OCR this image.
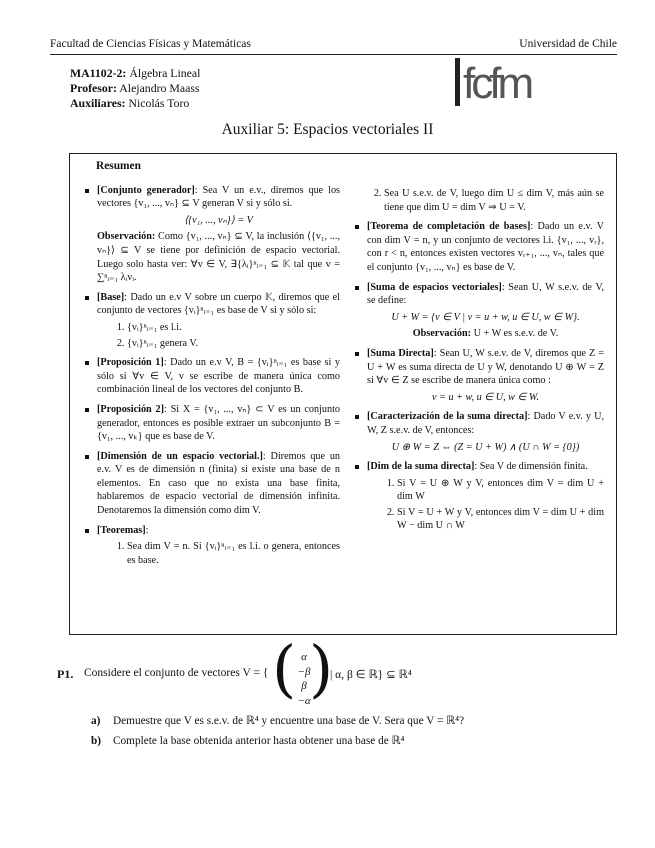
Facultad de Ciencias Físicas y Matemáticas	Universidad de Chile
MA1102-2: Álgebra Lineal
Profesor: Alejandro Maass
Auxiliares: Nicolás Toro	fcfm
Auxiliar 5: Espacios vectoriales II
Resumen
[Conjunto generador]: Sea V un e.v., diremos que los vectores {v₁, ..., vₙ} ⊆ V generan V si y sólo si.
⟨{v₁, ..., vₙ}⟩ = V
Observación: Como {v₁, ..., vₙ} ⊆ V, la inclusión ⟨{v₁, ..., vₙ}⟩ ⊆ V se tiene por definición de espacio vectorial. Luego solo hasta ver: ∀v ∈ V, ∃{λᵢ}ⁿᵢ₌₁ ⊆ 𝕂 tal que v = ∑ⁿᵢ₌₁ λᵢvᵢ.
[Base]: Dado un e.v V sobre un cuerpo 𝕂, diremos que el conjunto de vectores {vᵢ}ⁿᵢ₌₁ es base de V si y sólo si:
1. {vᵢ}ⁿᵢ₌₁ es l.i.
2. {vᵢ}ⁿᵢ₌₁ genera V.
[Proposición 1]: Dado un e.v V, B = {vᵢ}ⁿᵢ₌₁ es base si y sólo si ∀v ∈ V, v se escribe de manera única como combinación lineal de los vectores del conjunto B.
[Proposición 2]: Si X = {v₁, ..., vₙ} ⊂ V es un conjunto generador, entonces es posible extraer un subconjunto B = {v₁, ..., vₖ} que es base de V.
[Dimensión de un espacio vectorial.]: Diremos que un e.v. V es de dimensión n (finita) si existe una base de n elementos. En caso que no exista una base finita, hablaremos de espacio vectorial de dimensión infinita. Denotaremos la dimensión como dim V.
[Teoremas]:
1. Sea dim V = n. Si {vᵢ}ⁿᵢ₌₁ es l.i. o genera, entonces es base.
2. Sea U s.e.v. de V, luego dim U ≤ dim V, más aún se tiene que dim U = dim V ⇒ U = V.
[Teorema de completación de bases]: Dado un e.v. V con dim V = n, y un conjunto de vectores l.i. {v₁, ..., vᵣ}, con r < n, entonces existen vectores vᵣ₊₁, ..., vₙ, tales que el conjunto {v₁, ..., vₙ} es base de V.
[Suma de espacios vectoriales]: Sean U, W s.e.v. de V, se define:
U + W = {v ∈ V | v = u + w, u ∈ U, w ∈ W}.
Observación: U + W es s.e.v. de V.
[Suma Directa]: Sean U, W s.e.v. de V, diremos que Z = U + W es suma directa de U y W, denotando U ⊕ W = Z si ∀v ∈ Z se escribe de manera única como :
v = u + w, u ∈ U, w ∈ W.
[Caracterización de la suma directa]: Dado V e.v. y U, W, Z s.e.v. de V, entonces:
U ⊕ W = Z ⇔ (Z = U + W) ∧ (U ∩ W = {0})
[Dim de la suma directa]: Sea V de dimensión finita.
1. Si V = U ⊕ W y V, entonces dim V = dim U + dim W
2. Si V = U + W y V, entonces dim V = dim U + dim W − dim U ∩ W
P1. Considere el conjunto de vectores V = { ( α
−β
β
−α
)
| α, β ∈ ℝ} ⊆ ℝ⁴
a) Demuestre que V es s.e.v. de ℝ⁴ y encuentre una base de V. Sera que V = ℝ⁴?
b) Complete la base obtenida anterior hasta obtener una base de ℝ⁴
